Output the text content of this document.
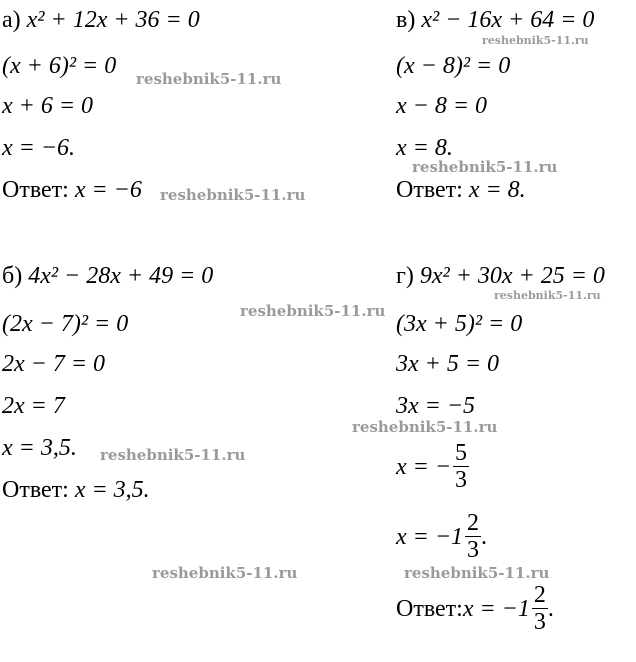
а) x² + 12x + 36 = 0
(x + 6)² = 0
x + 6 = 0
x = −6.
Ответ: x = −6
в) x² − 16x + 64 = 0
(x − 8)² = 0
x − 8 = 0
x = 8.
Ответ: x = 8.
б) 4x² − 28x + 49 = 0
(2x − 7)² = 0
2x − 7 = 0
2x = 7
x = 3,5.
Ответ: x = 3,5.
г) 9x² + 30x + 25 = 0
(3x + 5)² = 0
3x + 5 = 0
3x = −5
x = − $\frac{5}{3}$
$x = -1 \frac{2}{3}$ .
Ответ: $x = -1 \frac{2}{3}$ .
reshebnik5-11.ru
reshebnik5-11.ru
reshebnik5-11.ru
reshebnik5-11.ru
reshebnik5-11.ru
reshebnik5-11.ru
reshebnik5-11.ru
reshebnik5-11.ru
reshebnik5-11.ru	reshebnik5-11.ru
